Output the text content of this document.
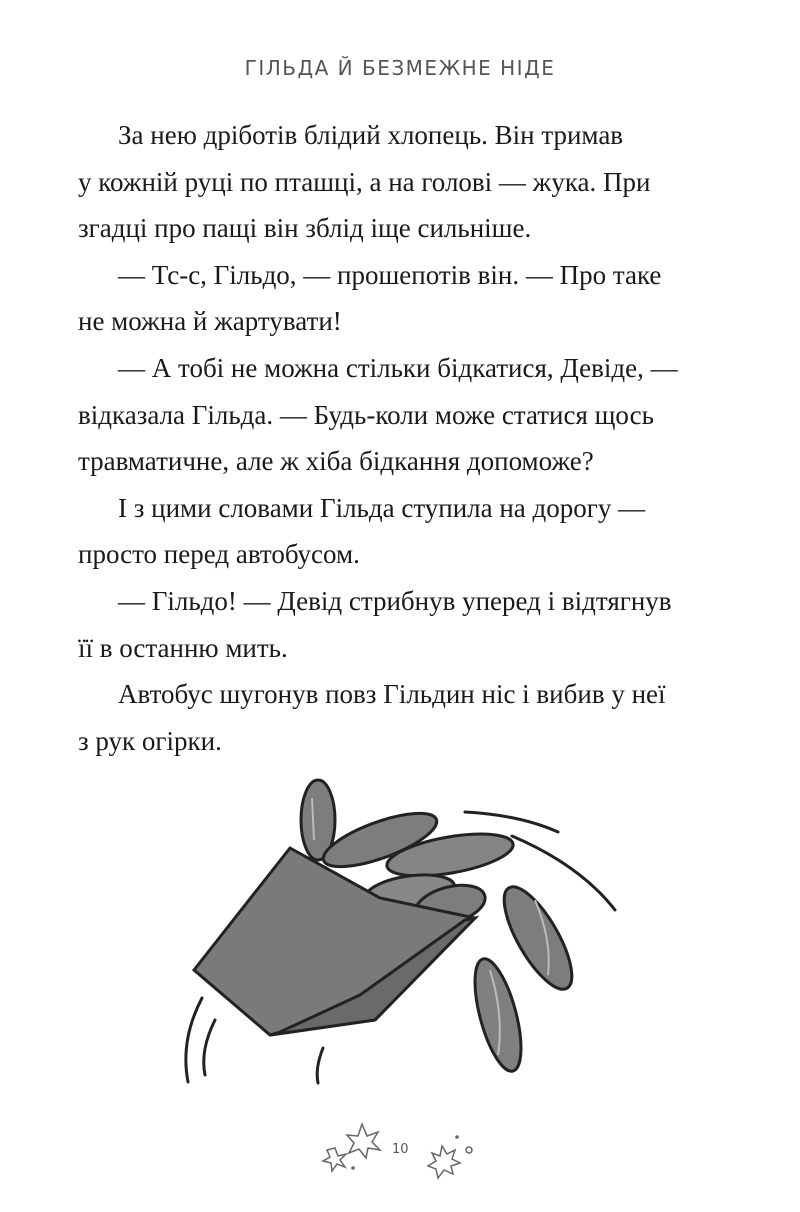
ГІЛЬДА Й БЕЗМЕЖНЕ НІДЕ
За нею дріботів блідий хлопець. Він тримав
у кожній руці по пташці, а на голові — жука. При
згадці про пащі він зблід іще сильніше.
— Тс-с, Гільдо, — прошепотів він. — Про таке
не можна й жартувати!
— А тобі не можна стільки бідкатися, Девіде, —
відказала Гільда. — Будь-коли може статися щось
травматичне, але ж хіба бідкання допоможе?
І з цими словами Гільда ступила на дорогу —
просто перед автобусом.
— Гільдо! — Девід стрибнув уперед і відтягнув
її в останню мить.
Автобус шугонув повз Гільдин ніс і вибив у неї
з рук огірки.
10
